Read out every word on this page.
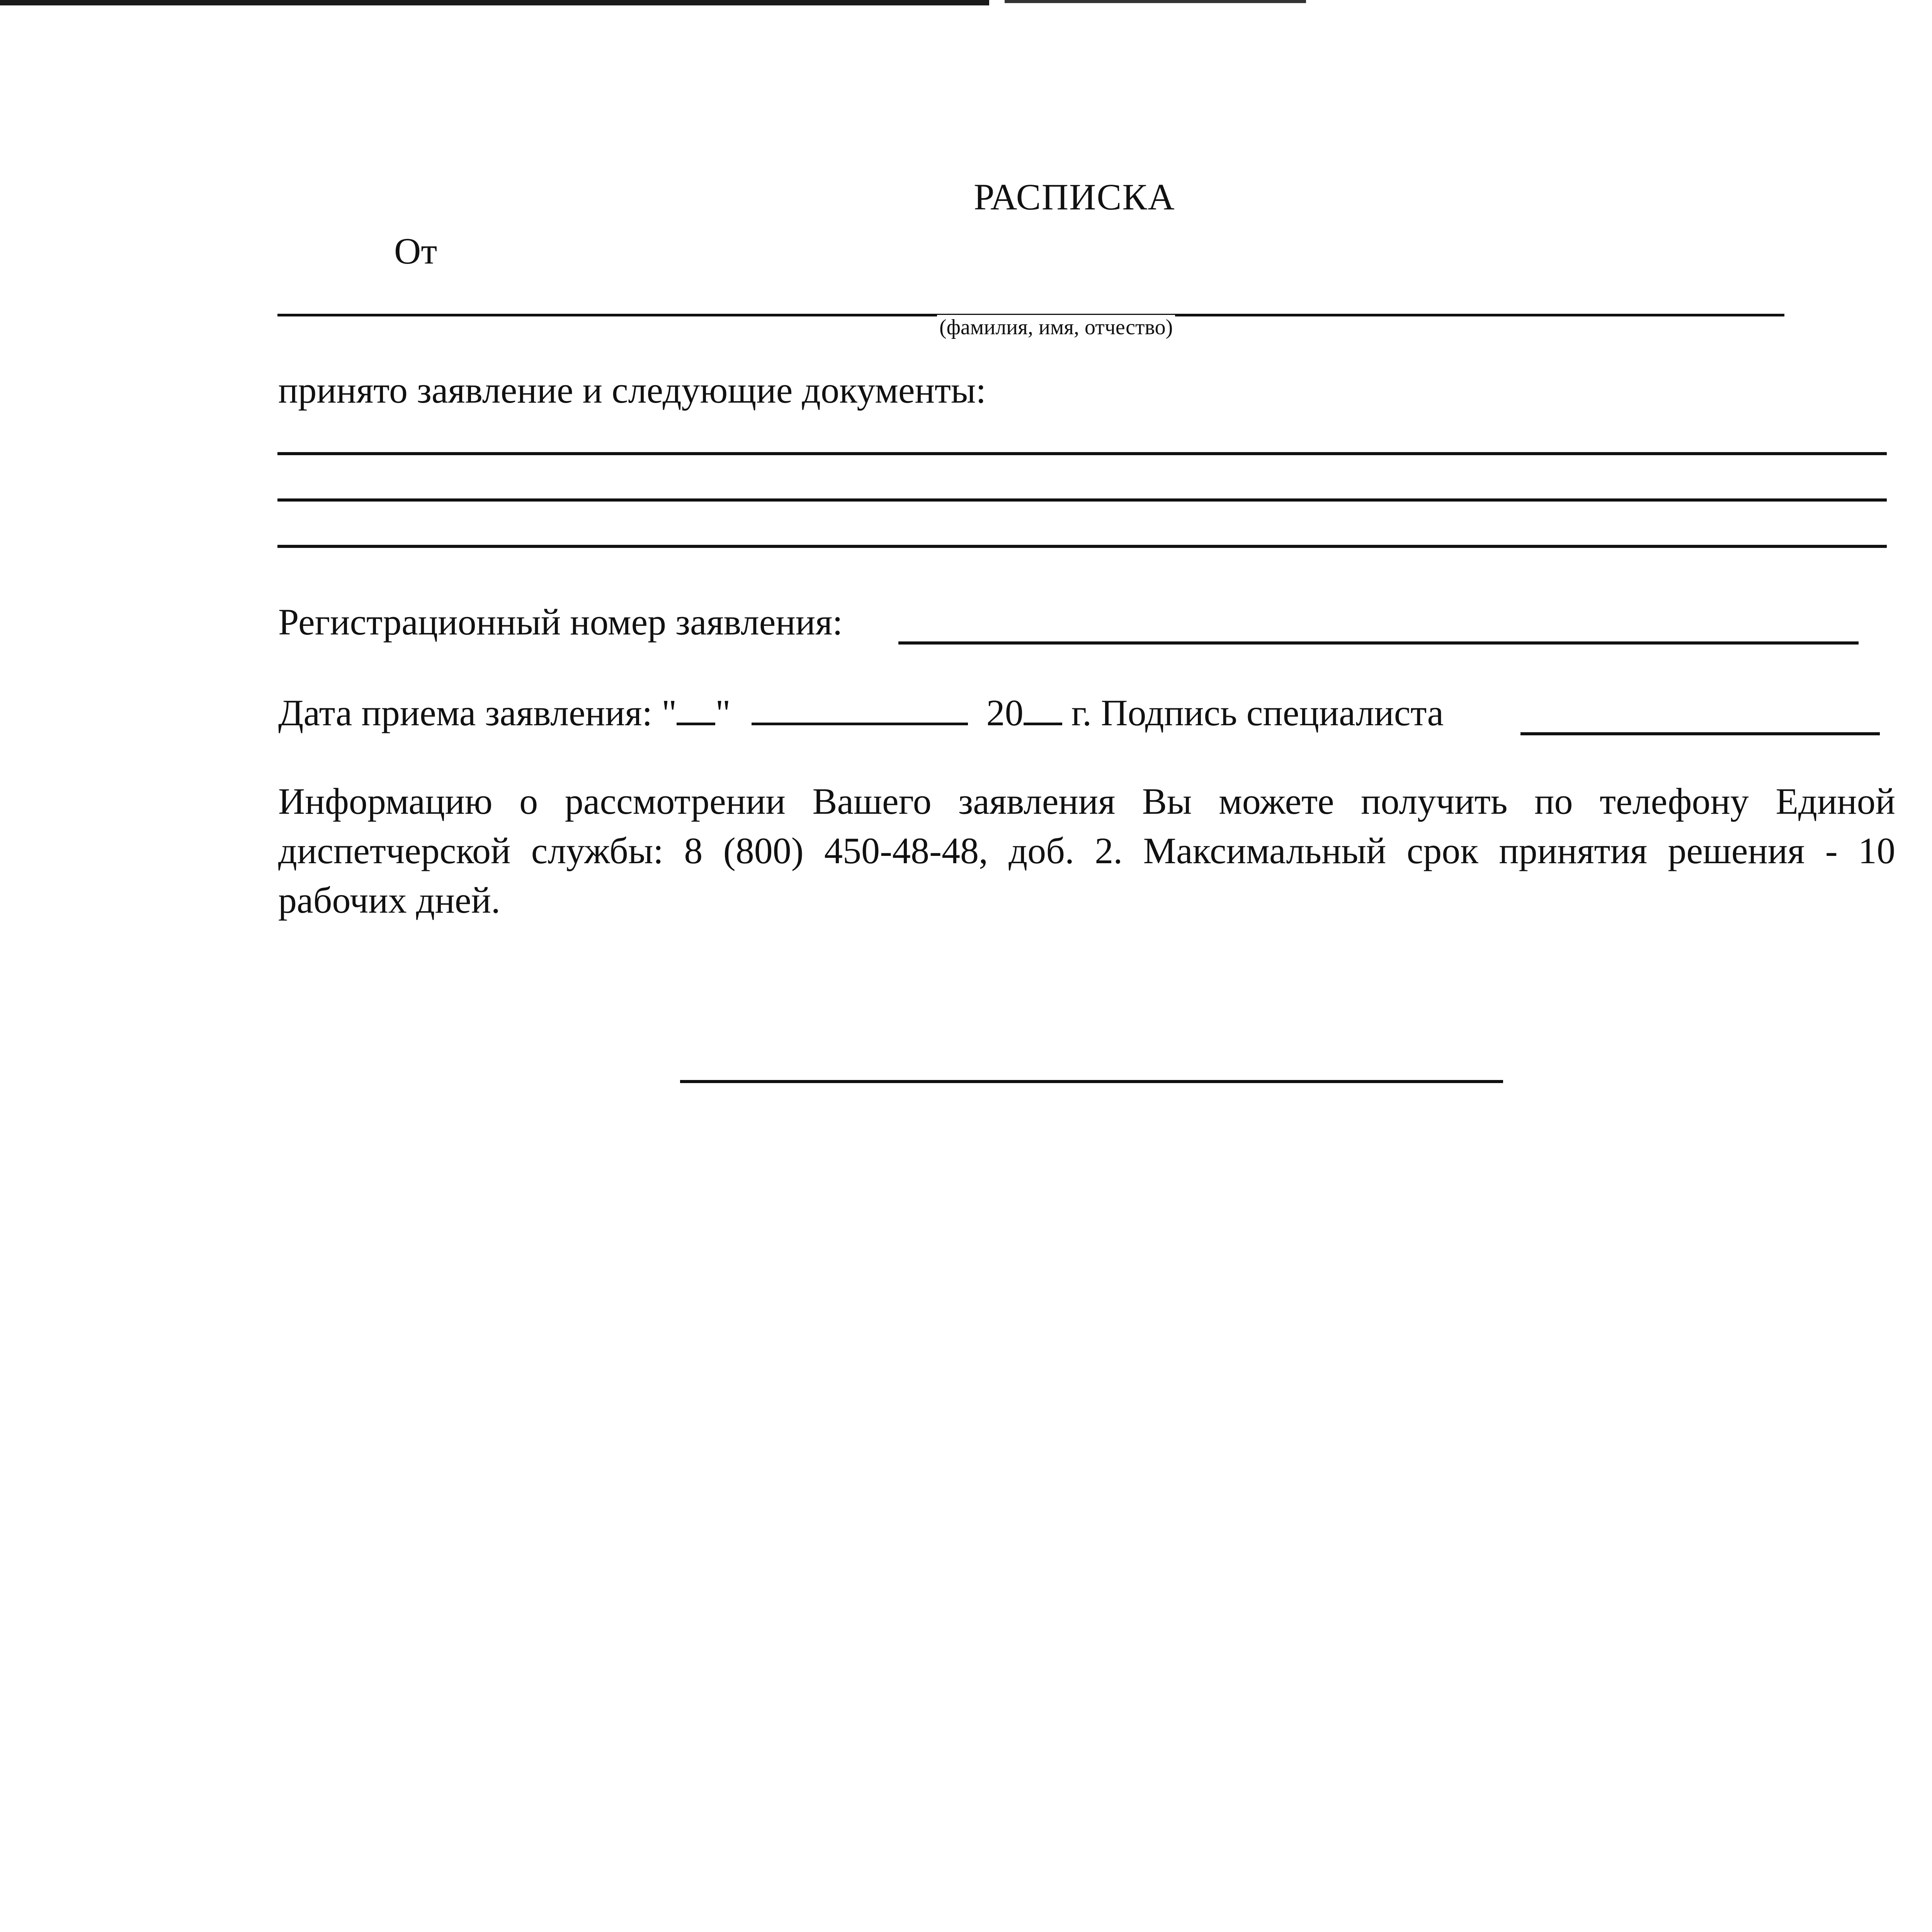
РАСПИСКА
От
(фамилия, имя, отчество)
принято заявление и следующие документы:
Регистрационный номер заявления:
Дата приема заявления: " "	20 г. Подпись специалиста
Информацию о рассмотрении Вашего заявления Вы можете получить по телефону Единой диспетчерской службы: 8 (800) 450-48-48, доб. 2. Максимальный срок принятия решения - 10 рабочих дней.
